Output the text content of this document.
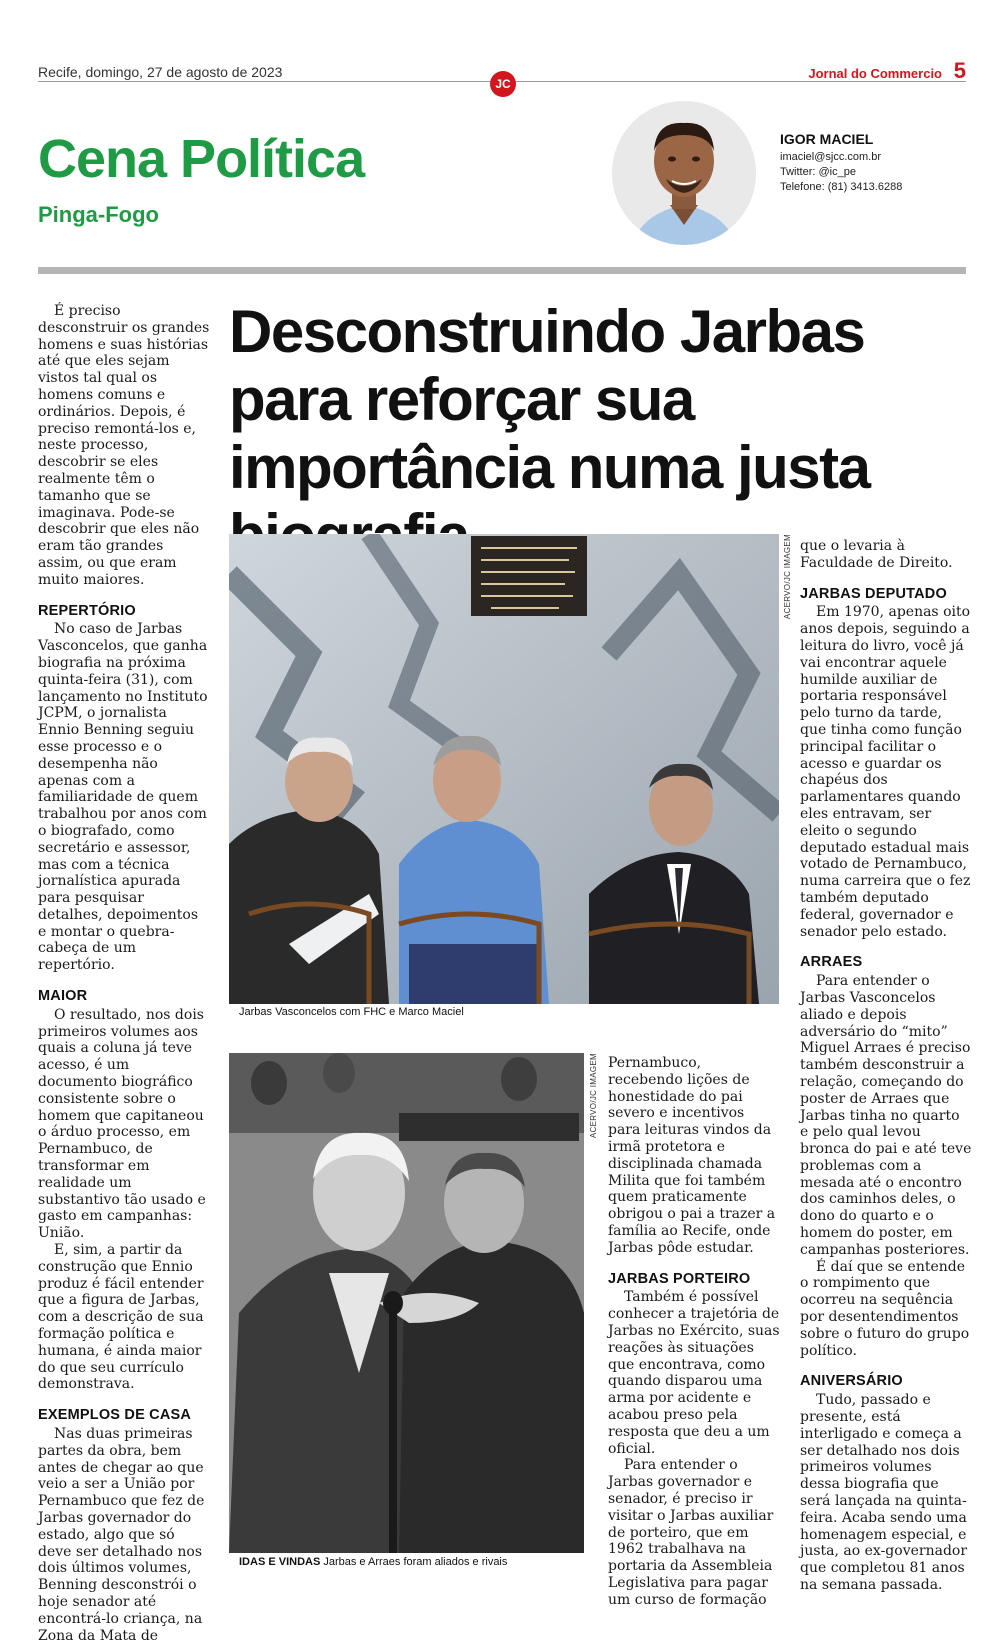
Recife, domingo, 27 de agosto de 2023
JC
Jornal do Commercio 5
Cena Política
Pinga-Fogo
IGOR MACIEL
imaciel@sjcc.com.br
Twitter: @ic_pe
Telefone: (81) 3413.6288
Desconstruindo Jarbas para reforçar sua importância numa justa

É preciso desconstruir os grandes homens e suas histórias até que eles sejam vistos tal qual os homens comuns e ordinários. Depois, é preciso remontá-los e, neste processo, descobrir se eles realmente têm o tamanho que se imaginava. Pode-se descobrir que eles não eram tão grandes assim, ou que eram muito maiores.

REPERTÓRIO

No caso de Jarbas Vasconcelos, que ganha biografia na próxima quinta-feira (31), com lançamento no Instituto JCPM, o jornalista Ennio Benning seguiu esse processo e o desempenha não apenas com a familiaridade de quem trabalhou por anos com o biografado, como secretário e assessor, mas com a técnica jornalística apurada para pesquisar detalhes, depoimentos e montar o quebra-cabeça de um repertório.

MAIOR

O resultado, nos dois primeiros volumes aos quais a coluna já teve acesso, é um documento biográfico consistente sobre o homem que capitaneou o árduo processo, em Pernambuco, de transformar em realidade um substantivo tão usado e gasto em campanhas: União.

E, sim, a partir da construção que Ennio produz é fácil entender que a figura de Jarbas, com a descrição de sua formação política e humana, é ainda maior do que seu currículo demonstrava.

EXEMPLOS DE CASA

Nas duas primeiras partes da obra, bem antes de chegar ao que veio a ser a União por Pernambuco que fez de Jarbas governador do estado, algo que só deve ser detalhado nos dois últimos volumes, Benning desconstrói o hoje senador até encontrá-lo criança, na Zona da Mata de

ACERVO/JC IMAGEM
Jarbas Vasconcelos com FHC e Marco Maciel
ACERVO/JC IMAGEM
IDAS E VINDAS Jarbas e Arraes foram aliados e rivais

Pernambuco, recebendo lições de honestidade do pai severo e incentivos para leituras vindos da irmã protetora e disciplinada chamada Milita que foi também quem praticamente obrigou o pai a trazer a família ao Recife, onde Jarbas pôde estudar.

JARBAS PORTEIRO

Também é possível conhecer a trajetória de Jarbas no Exército, suas reações às situações que encontrava, como quando disparou uma arma por acidente e acabou preso pela resposta que deu a um oficial.

Para entender o Jarbas governador e senador, é preciso ir visitar o Jarbas auxiliar de porteiro, que em 1962 trabalhava na portaria da Assembleia Legislativa para pagar um curso de formação

que o levaria à Faculdade de Direito.

JARBAS DEPUTADO

Em 1970, apenas oito anos depois, seguindo a leitura do livro, você já vai encontrar aquele humilde auxiliar de portaria responsável pelo turno da tarde, que tinha como função principal facilitar o acesso e guardar os chapéus dos parlamentares quando eles entravam, ser eleito o segundo deputado estadual mais votado de Pernambuco, numa carreira que o fez também deputado federal, governador e senador pelo estado.

ARRAES

Para entender o Jarbas Vasconcelos aliado e depois adversário do “mito” Miguel Arraes é preciso também desconstruir a relação, começando do poster de Arraes que Jarbas tinha no quarto e pelo qual levou bronca do pai e até teve problemas com a mesada até o encontro dos caminhos deles, o dono do quarto e o homem do poster, em campanhas posteriores.

É daí que se entende o rompimento que ocorreu na sequência por desentendimentos sobre o futuro do grupo político.

ANIVERSÁRIO

Tudo, passado e presente, está interligado e começa a ser detalhado nos dois primeiros volumes dessa biografia que será lançada na quinta-feira. Acaba sendo uma homenagem especial, e justa, ao ex-governador que completou 81 anos na semana passada.
